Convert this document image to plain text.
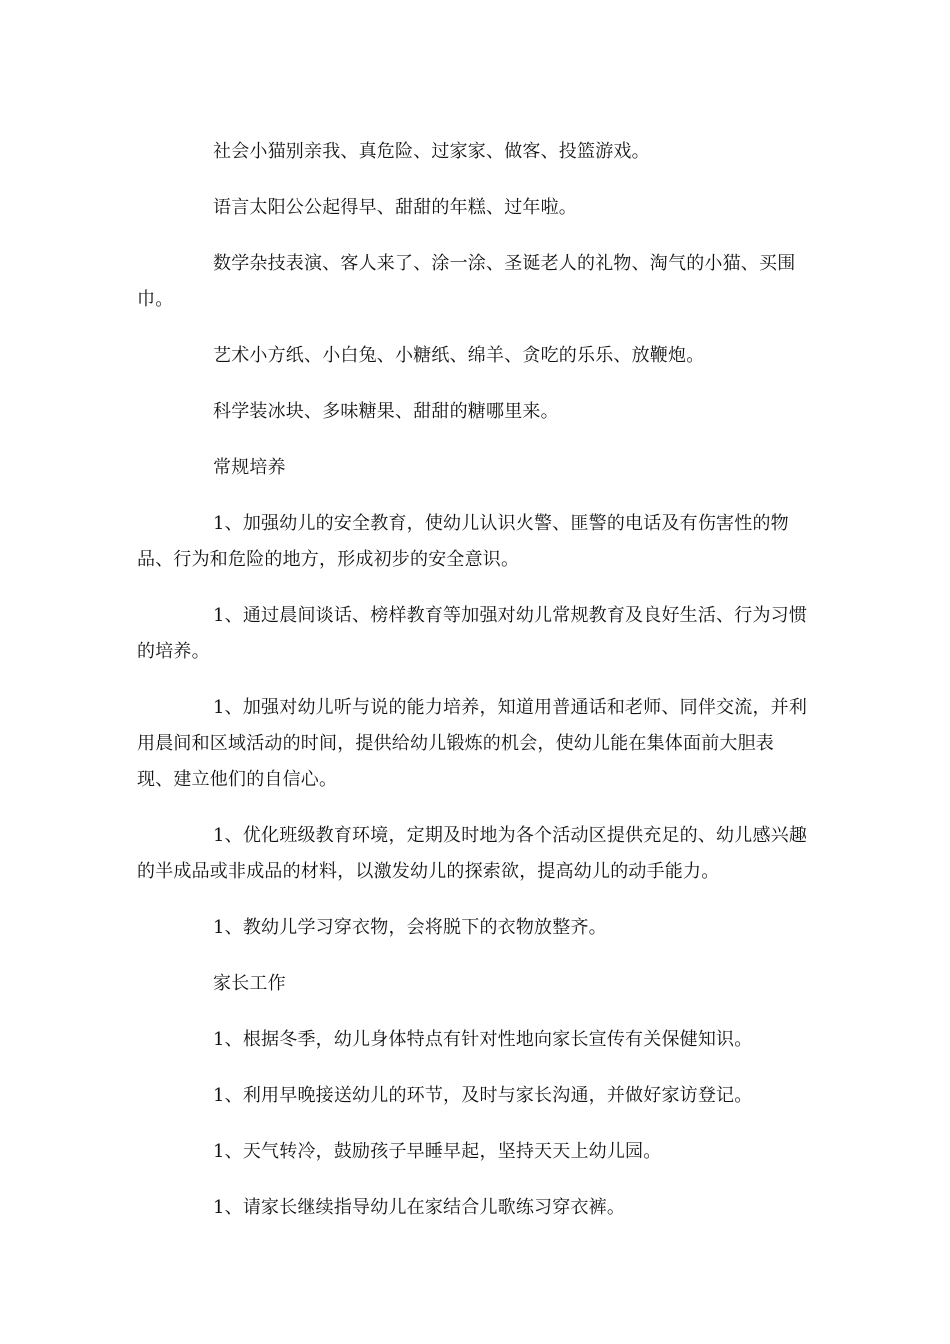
社会小猫别亲我、真危险、过家家、做客、投篮游戏。

语言太阳公公起得早、甜甜的年糕、过年啦。

数学杂技表演、客人来了、涂一涂、圣诞老人的礼物、淘气的小猫、买围巾。

艺术小方纸、小白兔、小糖纸、绵羊、贪吃的乐乐、放鞭炮。

科学装冰块、多味糖果、甜甜的糖哪里来。

常规培养

1、加强幼儿的安全教育，使幼儿认识火警、匪警的电话及有伤害性的物品、行为和危险的地方，形成初步的安全意识。

1、通过晨间谈话、榜样教育等加强对幼儿常规教育及良好生活、行为习惯的培养。

1、加强对幼儿听与说的能力培养，知道用普通话和老师、同伴交流，并利用晨间和区域活动的时间，提供给幼儿锻炼的机会，使幼儿能在集体面前大胆表现、建立他们的自信心。

1、优化班级教育环境，定期及时地为各个活动区提供充足的、幼儿感兴趣的半成品或非成品的材料，以激发幼儿的探索欲，提高幼儿的动手能力。

1、教幼儿学习穿衣物，会将脱下的衣物放整齐。

家长工作

1、根据冬季，幼儿身体特点有针对性地向家长宣传有关保健知识。

1、利用早晚接送幼儿的环节，及时与家长沟通，并做好家访登记。

1、天气转冷，鼓励孩子早睡早起，坚持天天上幼儿园。

1、请家长继续指导幼儿在家结合儿歌练习穿衣裤。
